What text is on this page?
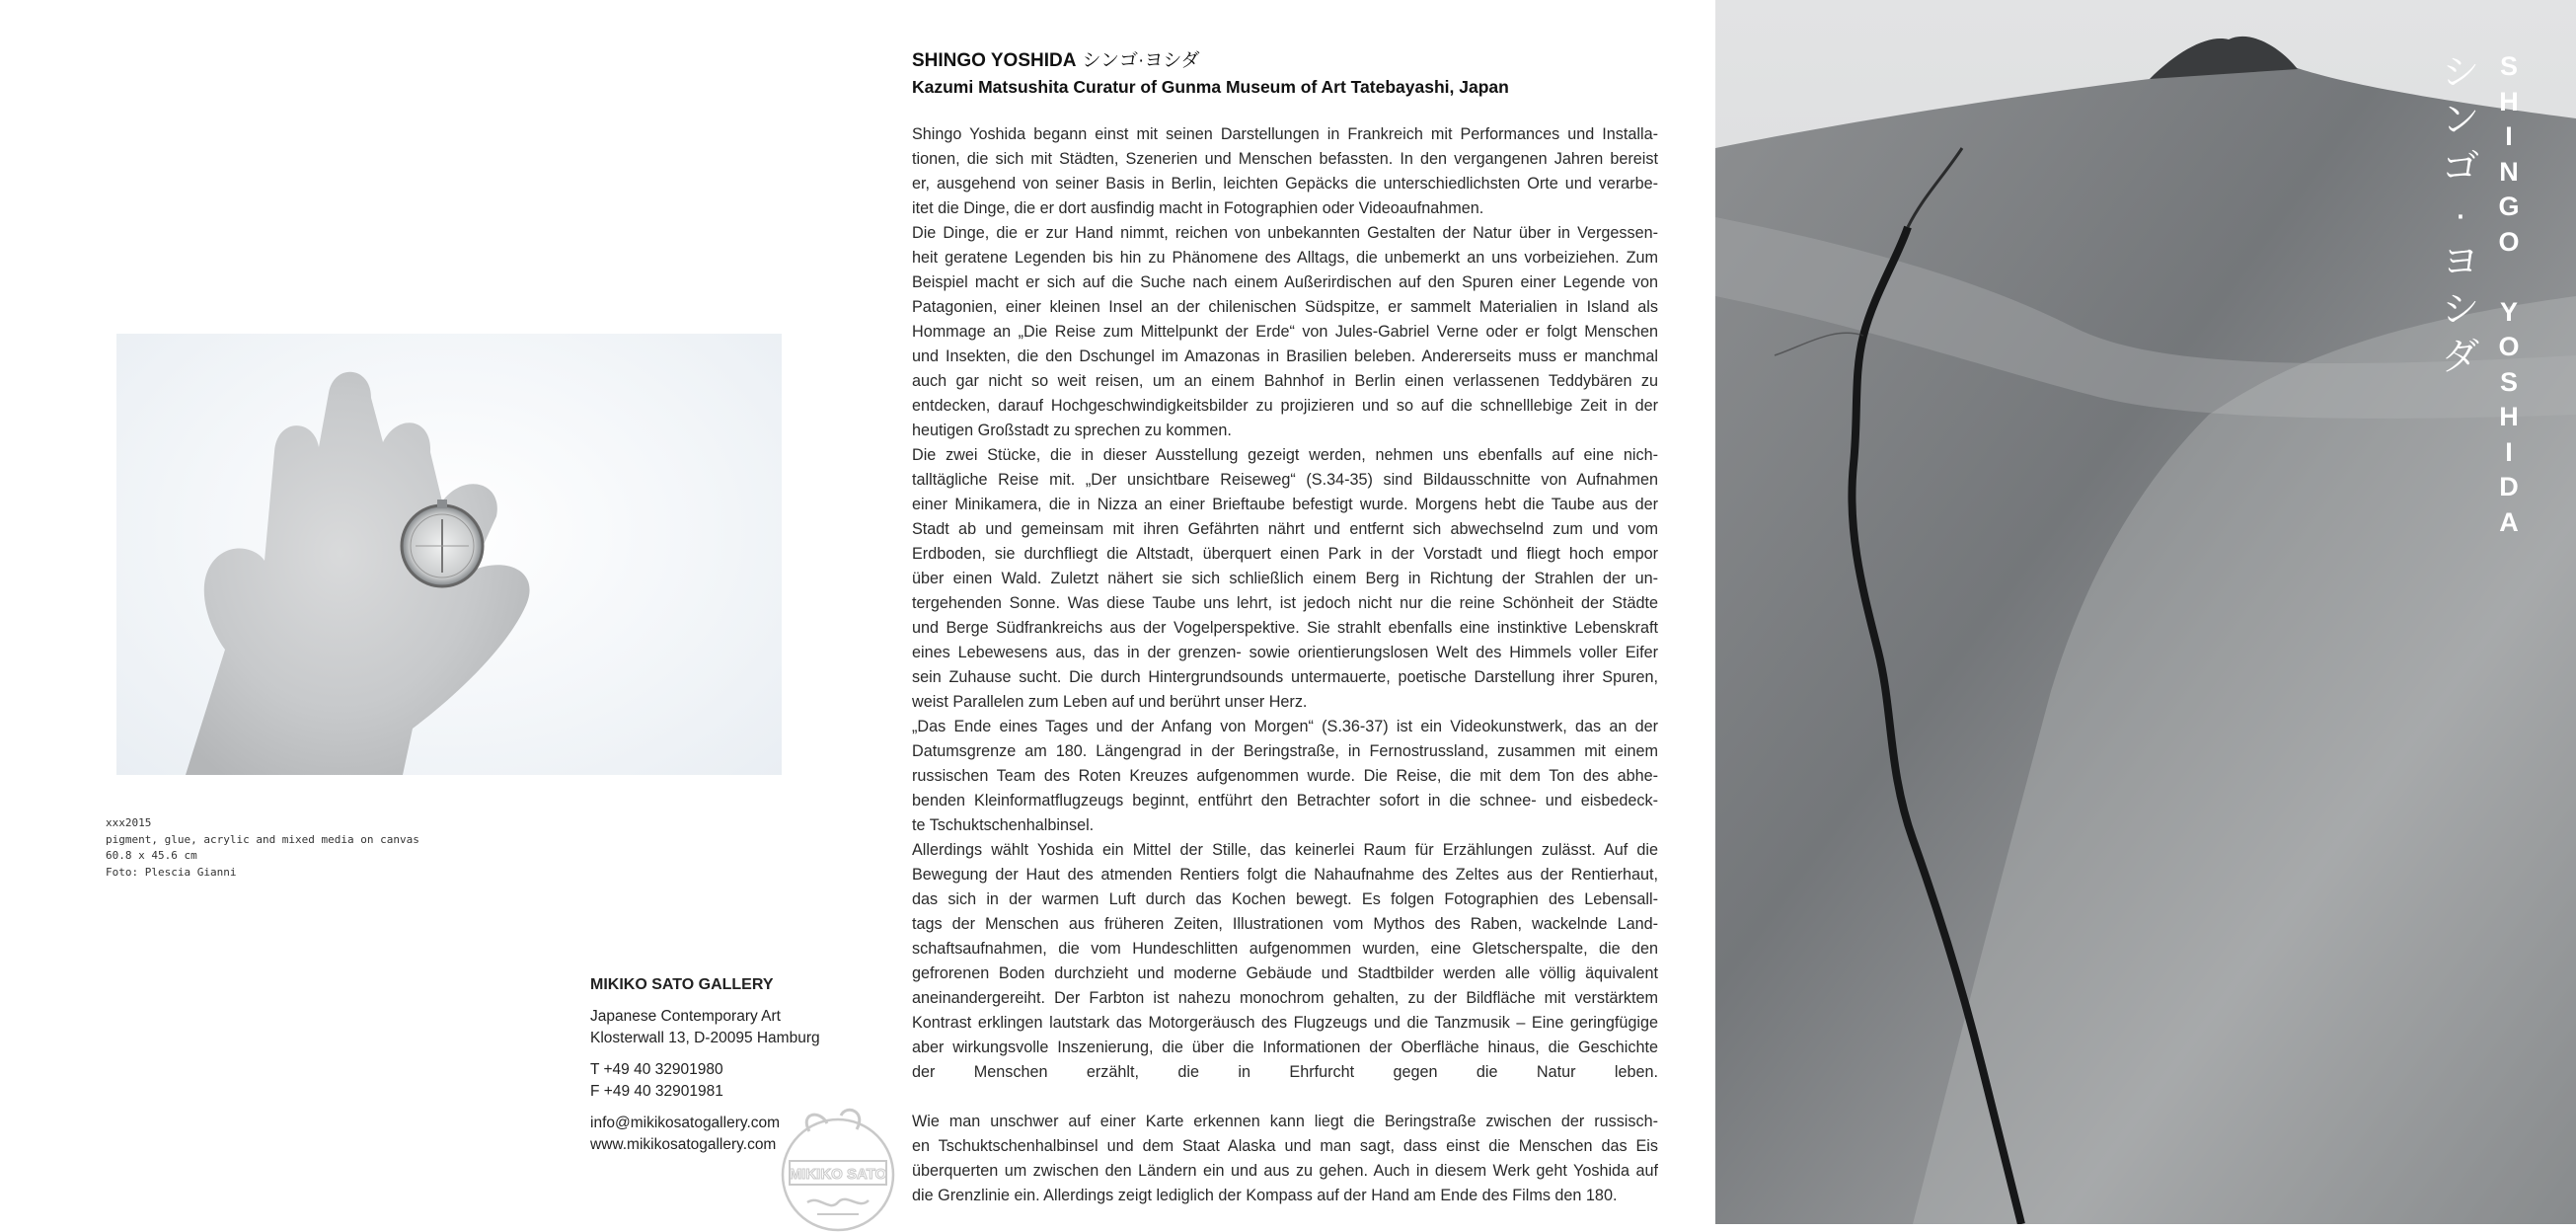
xxx2015
pigment, glue, acrylic and mixed media on canvas
60.8 x 45.6 cm
Foto: Plescia Gianni
MIKIKO SATO GALLERY
Japanese Contemporary Art
Klosterwall 13, D-20095 Hamburg
T +49 40 32901980
F +49 40 32901981
info@mikikosatogallery.com
www.mikikosatogallery.com
MIKIKO SATO
SHINGO YOSHIDA シンゴ·ヨシダ
Kazumi Matsushita Curatur of Gunma Museum of Art Tatebayashi, Japan

Shingo Yoshida begann einst mit seinen Darstellungen in Frankreich mit Performances und Installa-

tionen, die sich mit Städten, Szenerien und Menschen befassten. In den vergangenen Jahren bereist

er, ausgehend von seiner Basis in Berlin, leichten Gepäcks die unterschiedlichsten Orte und verarbe-

itet die Dinge, die er dort ausfindig macht in Fotographien oder Videoaufnahmen.

Die Dinge, die er zur Hand nimmt, reichen von unbekannten Gestalten der Natur über in Vergessen-

heit geratene Legenden bis hin zu Phänomene des Alltags, die unbemerkt an uns vorbeiziehen. Zum

Beispiel macht er sich auf die Suche nach einem Außerirdischen auf den Spuren einer Legende von

Patagonien, einer kleinen Insel an der chilenischen Südspitze, er sammelt Materialien in Island als

Hommage an „Die Reise zum Mittelpunkt der Erde“ von Jules-Gabriel Verne oder er folgt Menschen

und Insekten, die den Dschungel im Amazonas in Brasilien beleben. Andererseits muss er manchmal

auch gar nicht so weit reisen, um an einem Bahnhof in Berlin einen verlassenen Teddybären zu

entdecken, darauf Hochgeschwindigkeitsbilder zu projizieren und so auf die schnelllebige Zeit in der

heutigen Großstadt zu sprechen zu kommen.

Die zwei Stücke, die in dieser Ausstellung gezeigt werden, nehmen uns ebenfalls auf eine nich-

talltägliche Reise mit. „Der unsichtbare Reiseweg“ (S.34-35) sind Bildausschnitte von Aufnahmen

einer Minikamera, die in Nizza an einer Brieftaube befestigt wurde. Morgens hebt die Taube aus der

Stadt ab und gemeinsam mit ihren Gefährten nährt und entfernt sich abwechselnd zum und vom

Erdboden, sie durchfliegt die Altstadt, überquert einen Park in der Vorstadt und fliegt hoch empor

über einen Wald. Zuletzt nähert sie sich schließlich einem Berg in Richtung der Strahlen der un-

tergehenden Sonne. Was diese Taube uns lehrt, ist jedoch nicht nur die reine Schönheit der Städte

und Berge Südfrankreichs aus der Vogelperspektive. Sie strahlt ebenfalls eine instinktive Lebenskraft

eines Lebewesens aus, das in der grenzen- sowie orientierungslosen Welt des Himmels voller Eifer

sein Zuhause sucht. Die durch Hintergrundsounds untermauerte, poetische Darstellung ihrer Spuren,

weist Parallelen zum Leben auf und berührt unser Herz.

„Das Ende eines Tages und der Anfang von Morgen“ (S.36-37) ist ein Videokunstwerk, das an der

Datumsgrenze am 180. Längengrad in der Beringstraße, in Fernostrussland, zusammen mit einem

russischen Team des Roten Kreuzes aufgenommen wurde. Die Reise, die mit dem Ton des abhe-

benden Kleinformatflugzeugs beginnt, entführt den Betrachter sofort in die schnee- und eisbedeck-

te Tschuktschenhalbinsel.

Allerdings wählt Yoshida ein Mittel der Stille, das keinerlei Raum für Erzählungen zulässt. Auf die

Bewegung der Haut des atmenden Rentiers folgt die Nahaufnahme des Zeltes aus der Rentierhaut,

das sich in der warmen Luft durch das Kochen bewegt. Es folgen Fotographien des Lebensall-

tags der Menschen aus früheren Zeiten, Illustrationen vom Mythos des Raben, wackelnde Land-

schaftsaufnahmen, die vom Hundeschlitten aufgenommen wurden, eine Gletscherspalte, die den

gefrorenen Boden durchzieht und moderne Gebäude und Stadtbilder werden alle völlig äquivalent

aneinandergereiht. Der Farbton ist nahezu monochrom gehalten, zu der Bildfläche mit verstärktem

Kontrast erklingen lautstark das Motorgeräusch des Flugzeugs und die Tanzmusik – Eine geringfügige

aber wirkungsvolle Inszenierung, die über die Informationen der Oberfläche hinaus, die Geschichte

der Menschen erzählt, die in Ehrfurcht gegen die Natur leben.

Wie man unschwer auf einer Karte erkennen kann liegt die Beringstraße zwischen der russisch-

en Tschuktschenhalbinsel und dem Staat Alaska und man sagt, dass einst die Menschen das Eis

überquerten um zwischen den Ländern ein und aus zu gehen. Auch in diesem Werk geht Yoshida auf

die Grenzlinie ein. Allerdings zeigt lediglich der Kompass auf der Hand am Ende des Films den 180.

S
H
I
N
G
O

Y
O
S
H
I
D
A
シ
ン
ゴ
·
ヨ
シ
ダ
